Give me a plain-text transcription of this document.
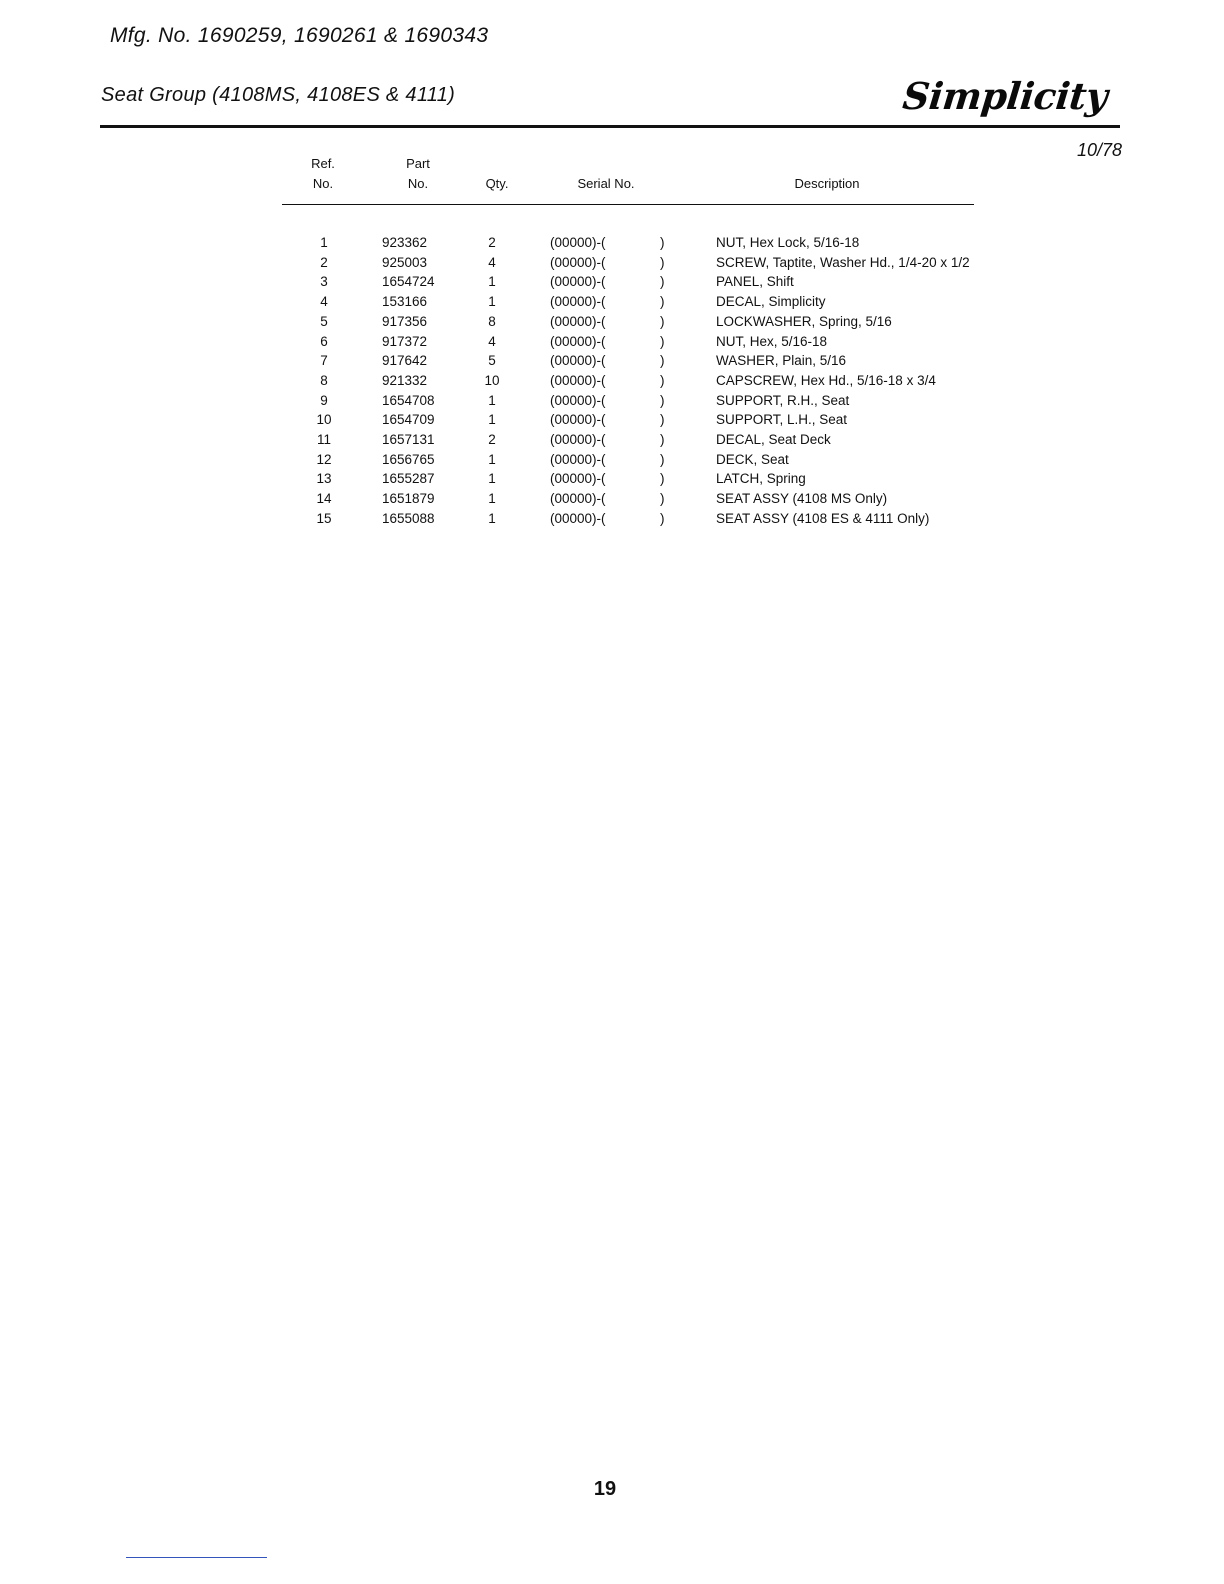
Mfg. No. 1690259, 1690261 & 1690343
Seat Group (4108MS, 4108ES & 4111)	Simplicity
10/78
Ref.
No.
Part
No.	Qty.	Serial No.	Description
1	923362	2	(00000)-(	)	NUT, Hex Lock, 5/16-18
2	925003	4	(00000)-(	)	SCREW, Taptite, Washer Hd., 1/4-20 x 1/2
3	1654724	1	(00000)-(	)	PANEL, Shift
4	153166	1	(00000)-(	)	DECAL, Simplicity
5	917356	8	(00000)-(	)	LOCKWASHER, Spring, 5/16
6	917372	4	(00000)-(	)	NUT, Hex, 5/16-18
7	917642	5	(00000)-(	)	WASHER, Plain, 5/16
8	921332	10	(00000)-(	)	CAPSCREW, Hex Hd., 5/16-18 x 3/4
9	1654708	1	(00000)-(	)	SUPPORT, R.H., Seat
10	1654709	1	(00000)-(	)	SUPPORT, L.H., Seat
11	1657131	2	(00000)-(	)	DECAL, Seat Deck
12	1656765	1	(00000)-(	)	DECK, Seat
13	1655287	1	(00000)-(	)	LATCH, Spring
14	1651879	1	(00000)-(	)	SEAT ASSY (4108 MS Only)
15	1655088	1	(00000)-(	)	SEAT ASSY (4108 ES & 4111 Only)
19
